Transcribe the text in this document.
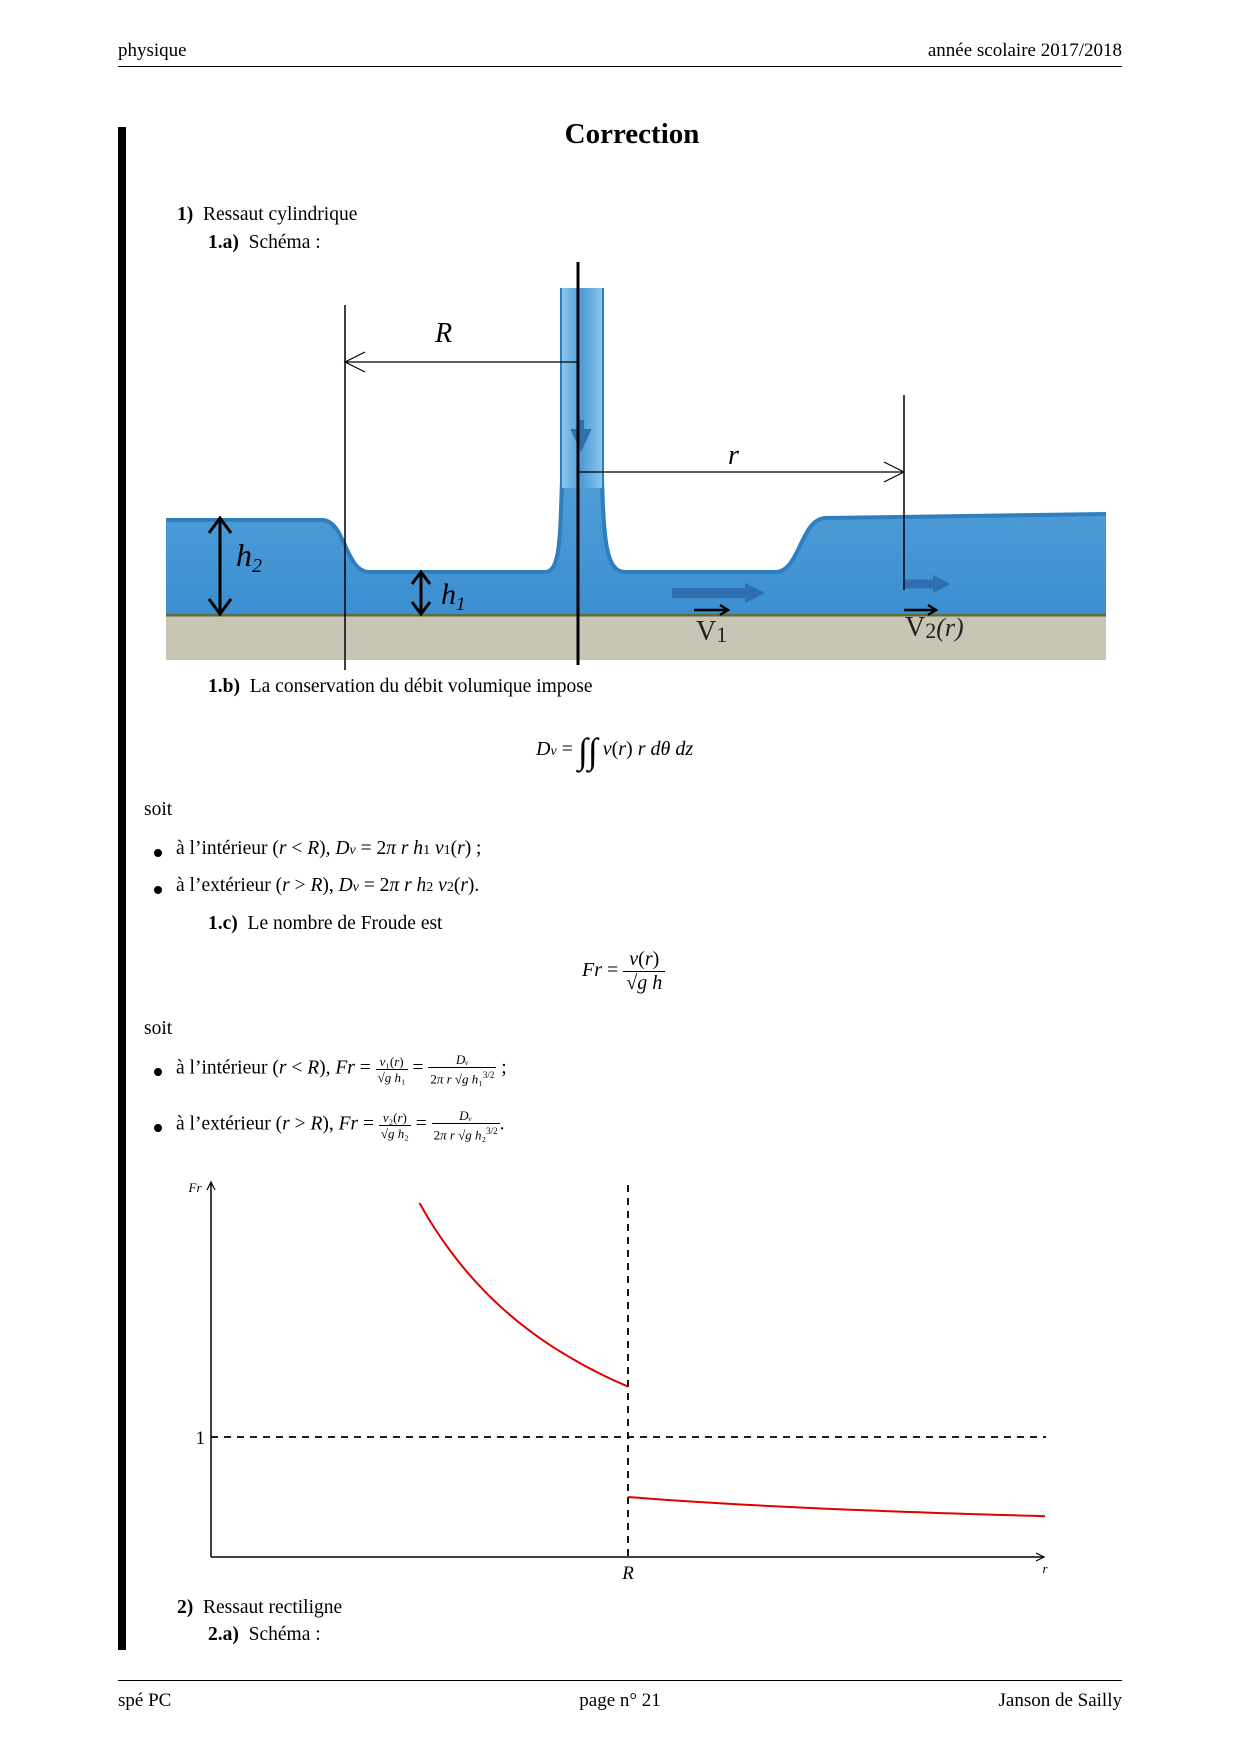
physique	année scolaire 2017/2018
Correction
1) Ressaut cylindrique
1.a) Schéma :
R
r
h2
$h_1$
V1	V2(r)
1.b) La conservation du débit volumique impose
Dv = ∫∫ v(r) r dθ dz
soit
à l’intérieur (r < R), Dv = 2π r h1 v1(r) ;
à l’extérieur (r > R), Dv = 2π r h2 v2(r).
1.c) Le nombre de Froude est
$Fr = \frac{v(r)}{\text{√g h}}$
soit
à l’intérieur (r < R), $Fr = \frac{\text{v₁(r)}}{\text{√g h₁}} = \frac{\text{Dᵥ}}{2\pi r √g h_1^{3/2}}$ ;
à l’extérieur (r > R), $Fr = \frac{\text{v₂(r)}}{\text{√g h₂}} = \frac{\text{Dᵥ}}{2\pi r √g h_2^{3/2}}$ .
R
1
r
Fr
2) Ressaut rectiligne
2.a) Schéma :
spé PC	page n° 21	Janson de Sailly
